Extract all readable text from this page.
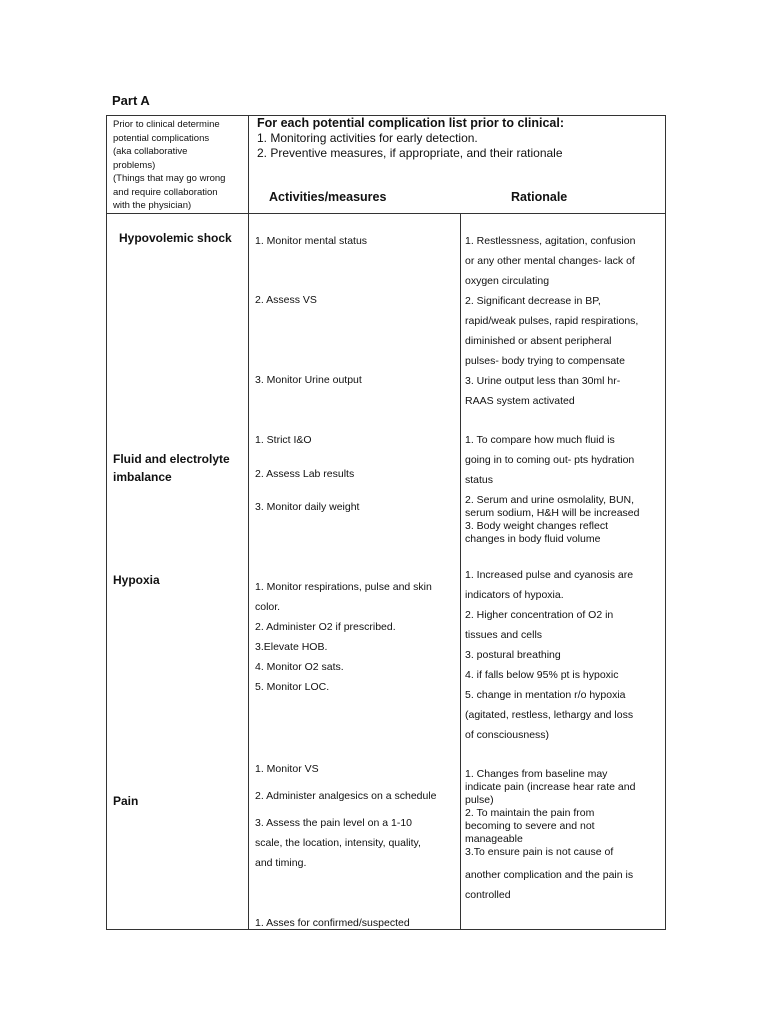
Part A
Prior to clinical determine
potential complications
(aka collaborative
problems)
(Things that may go wrong
and require collaboration
with the physician)
For each potential complication list prior to clinical:
1. Monitoring activities for early detection.
2. Preventive measures, if appropriate, and their rationale
Activities/measures	Rationale
Hypovolemic shock 1. Monitor mental status
2. Assess VS
3. Monitor Urine output
1. Restlessness, agitation, confusion
or any other mental changes- lack of
oxygen circulating
2. Significant decrease in BP,
rapid/weak pulses, rapid respirations,
diminished or absent peripheral
pulses- body trying to compensate
3. Urine output less than 30ml hr-
RAAS system activated
Fluid and electrolyte
imbalance
1. Strict I&O
2. Assess Lab results
3. Monitor daily weight
1. To compare how much fluid is
going in to coming out- pts hydration
status
2. Serum and urine osmolality, BUN,
serum sodium, H&H will be increased
3. Body weight changes reflect
changes in body fluid volume
Hypoxia	1. Monitor respirations, pulse and skin
color.
2. Administer O2 if prescribed.
3.Elevate HOB.
4. Monitor O2 sats.
5. Monitor LOC.
1. Increased pulse and cyanosis are
indicators of hypoxia.
2. Higher concentration of O2 in
tissues and cells
3. postural breathing
4. if falls below 95% pt is hypoxic
5. change in mentation r/o hypoxia
(agitated, restless, lethargy and loss
of consciousness)
Pain
1. Monitor VS
2. Administer analgesics on a schedule
3. Assess the pain level on a 1-10
scale, the location, intensity, quality,
and timing.
1. Changes from baseline may
indicate pain (increase hear rate and
pulse)
2. To maintain the pain from
becoming to severe and not
manageable
3.To ensure pain is not cause of
another complication and the pain is
controlled
1. Asses for confirmed/suspected
